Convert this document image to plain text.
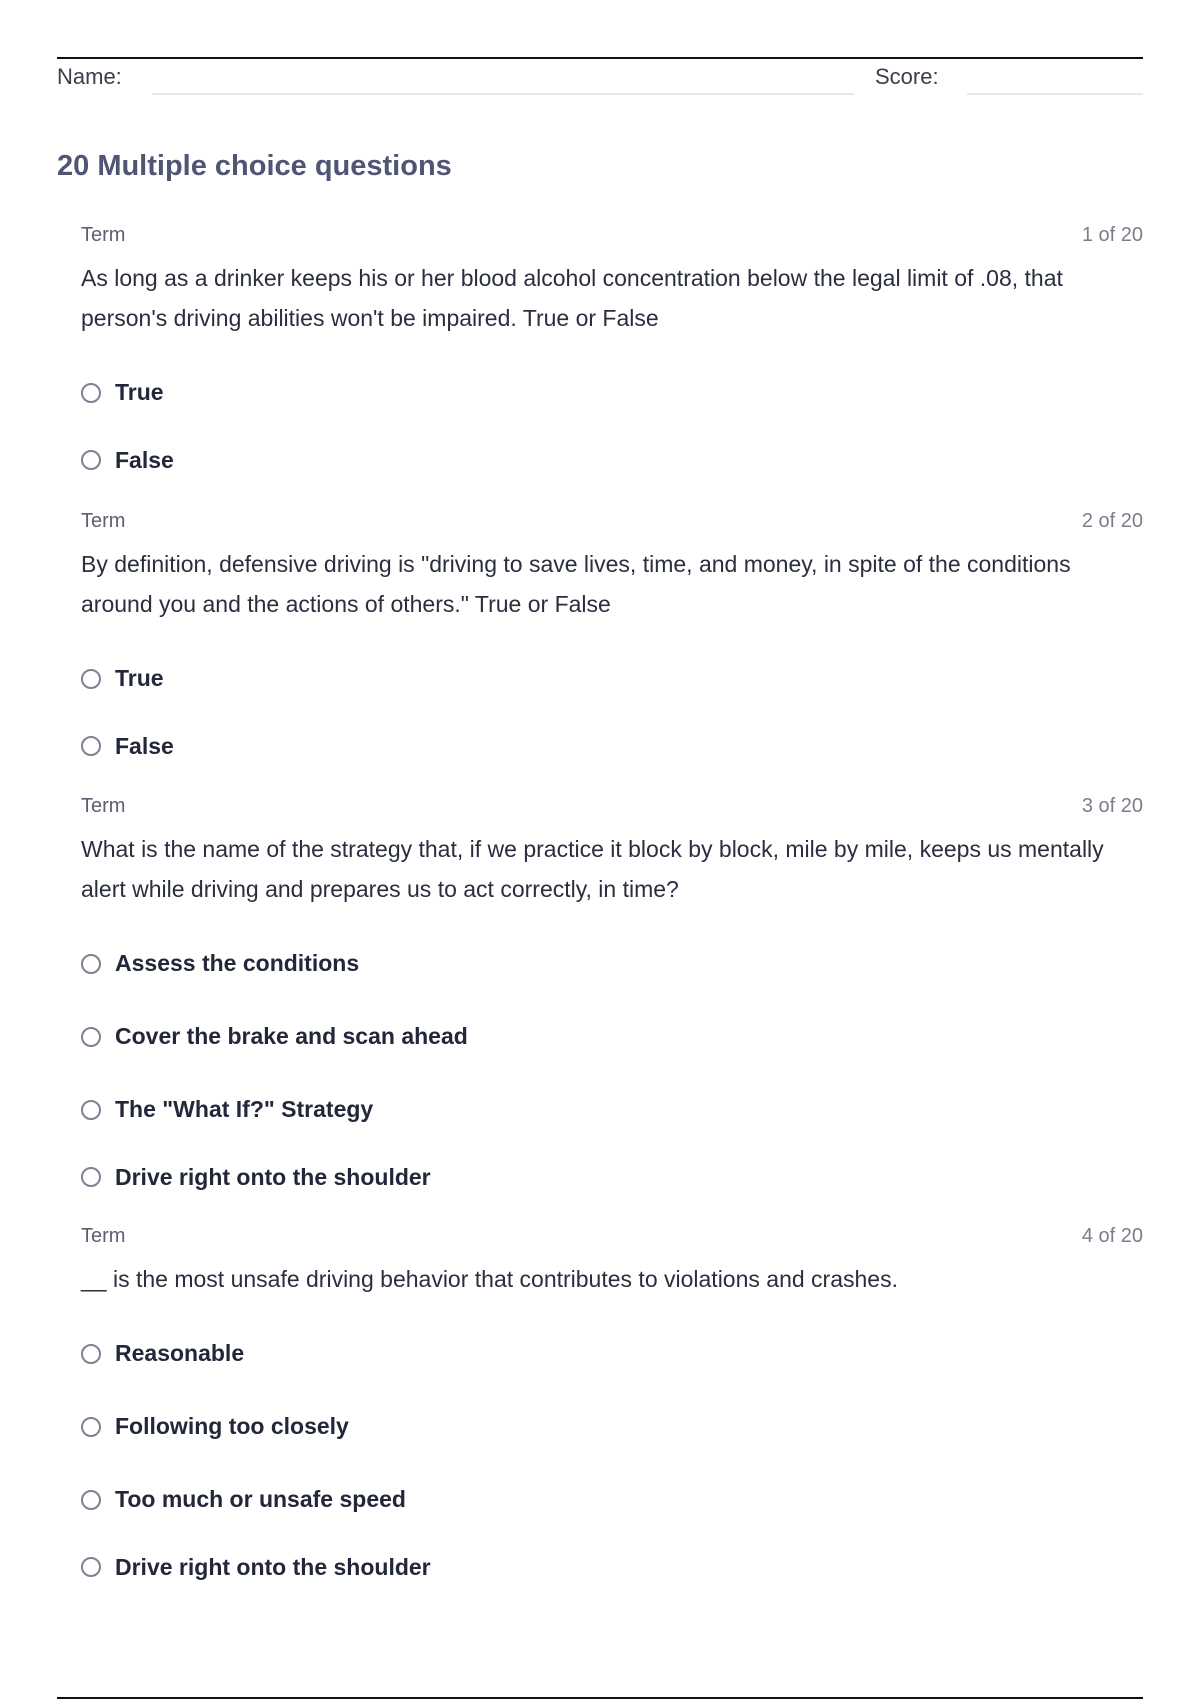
Name:	Score:
20 Multiple choice questions
Term	1 of 20
As long as a drinker keeps his or her blood alcohol concentration below the legal limit of .08, that person's driving abilities won't be impaired. True or False
True
False
Term	2 of 20
By definition, defensive driving is "driving to save lives, time, and money, in spite of the conditions around you and the actions of others." True or False
True
False
Term	3 of 20
What is the name of the strategy that, if we practice it block by block, mile by mile, keeps us mentally alert while driving and prepares us to act correctly, in time?
Assess the conditions
Cover the brake and scan ahead
The "What If?" Strategy
Drive right onto the shoulder
Term	4 of 20
__ is the most unsafe driving behavior that contributes to violations and crashes.
Reasonable
Following too closely
Too much or unsafe speed
Drive right onto the shoulder
